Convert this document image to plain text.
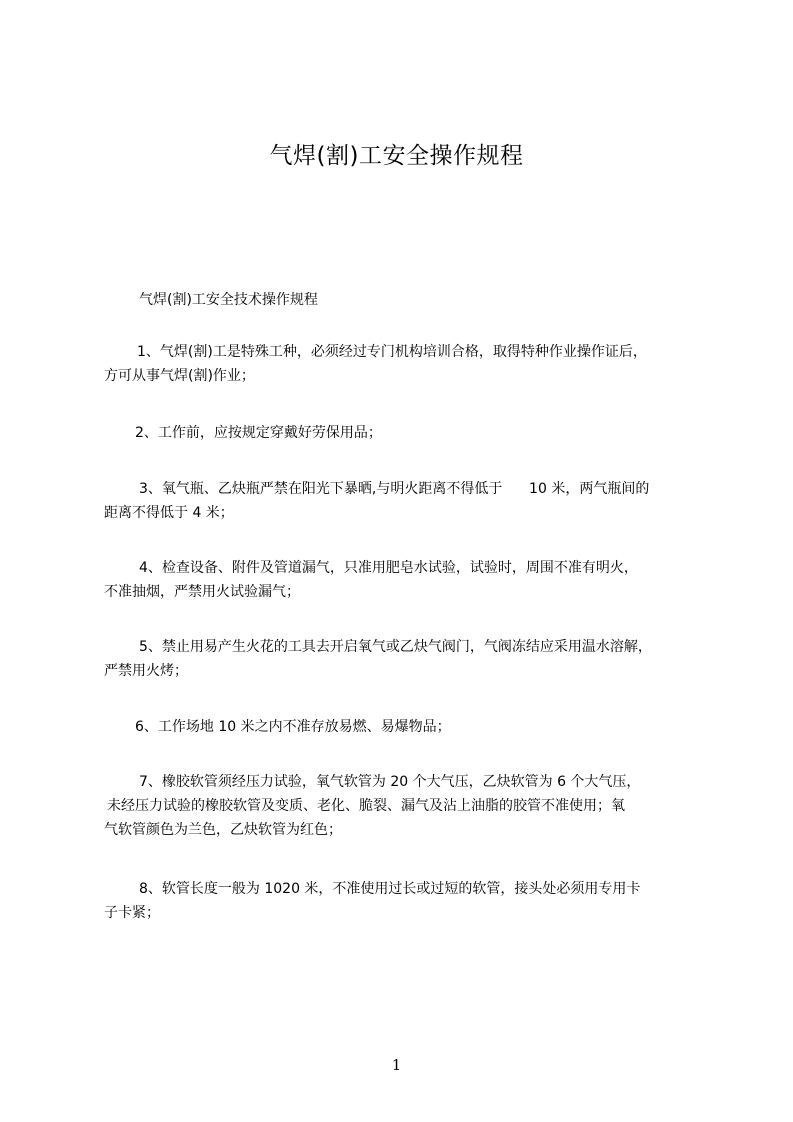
气焊(割)工安全操作规程
气焊(割)工安全技术操作规程
1、气焊(割)工是特殊工种，必须经过专门机构培训合格，取得特种作业操作证后，
方可从事气焊(割)作业；
2、工作前，应按规定穿戴好劳保用品；
3、氧气瓶、乙炔瓶严禁在阳光下暴晒,与明火距离不得低于      10 米，两气瓶间的
距离不得低于 4 米；
4、检查设备、附件及管道漏气，只准用肥皂水试验，试验时，周围不准有明火，
不准抽烟，严禁用火试验漏气；
5、禁止用易产生火花的工具去开启氧气或乙炔气阀门，气阀冻结应采用温水溶解，
严禁用火烤；
6、工作场地 10 米之内不准存放易燃、易爆物品；
7、橡胶软管须经压力试验，氧气软管为 20 个大气压，乙炔软管为 6 个大气压，
未经压力试验的橡胶软管及变质、老化、脆裂、漏气及沾上油脂的胶管不准使用；氧
气软管颜色为兰色，乙炔软管为红色；
8、软管长度一般为 1020 米，不准使用过长或过短的软管，接头处必须用专用卡
子卡紧；
1
